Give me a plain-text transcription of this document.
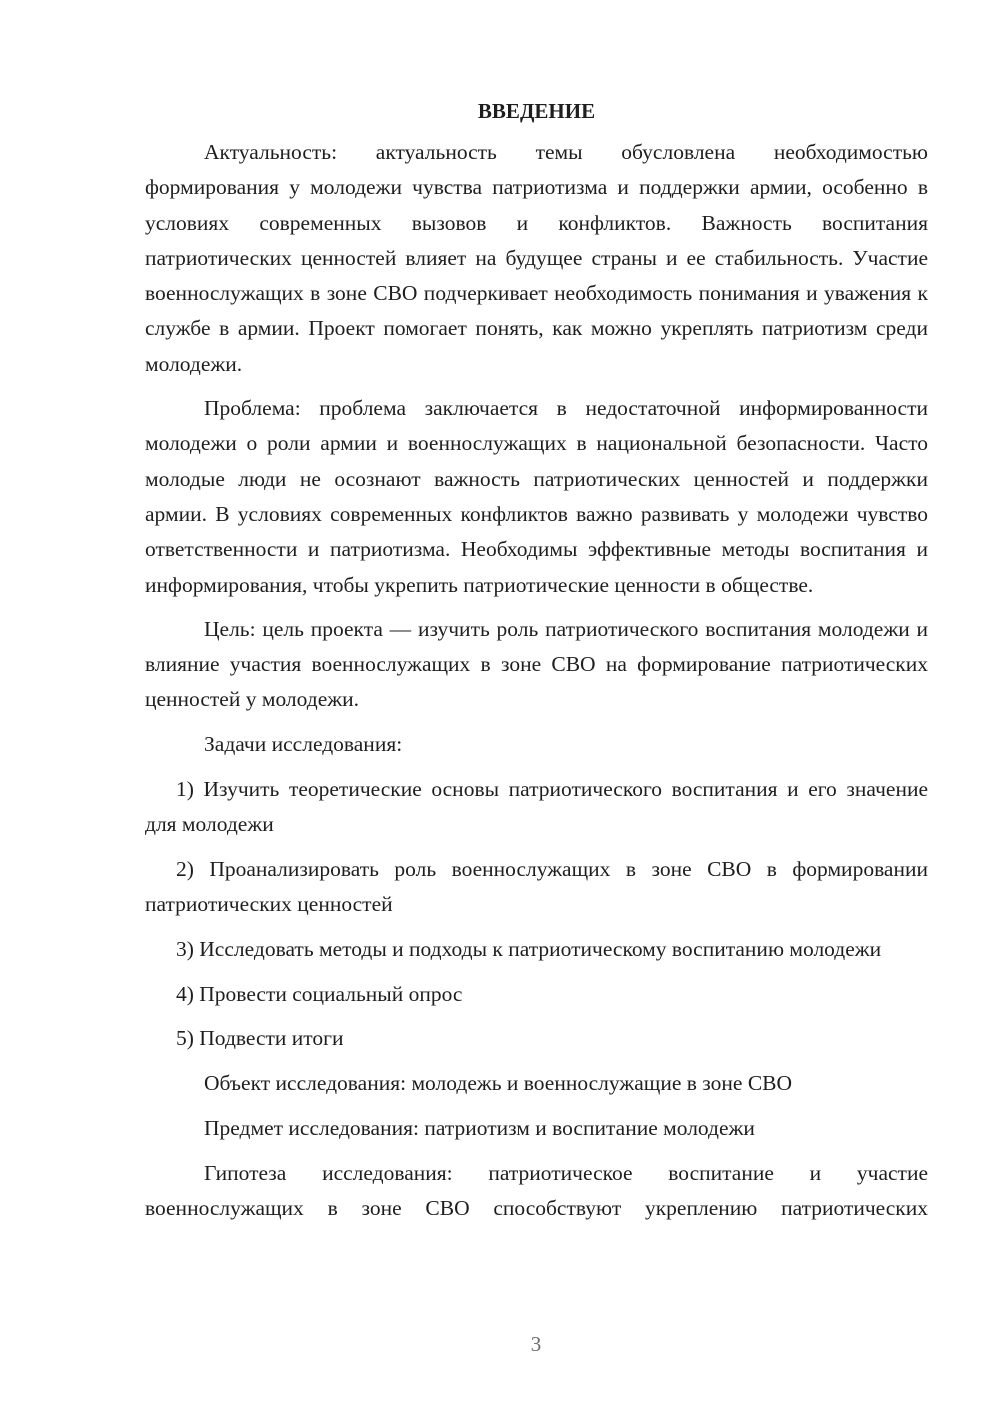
ВВЕДЕНИЕ

Актуальность: актуальность темы обусловлена необходимостью формирования у молодежи чувства патриотизма и поддержки армии, особенно в условиях современных вызовов и конфликтов. Важность воспитания патриотических ценностей влияет на будущее страны и ее стабильность. Участие военнослужащих в зоне СВО подчеркивает необходимость понимания и уважения к службе в армии. Проект помогает понять, как можно укреплять патриотизм среди молодежи.

Проблема: проблема заключается в недостаточной информированности молодежи о роли армии и военнослужащих в национальной безопасности. Часто молодые люди не осознают важность патриотических ценностей и поддержки армии. В условиях современных конфликтов важно развивать у молодежи чувство ответственности и патриотизма. Необходимы эффективные методы воспитания и информирования, чтобы укрепить патриотические ценности в обществе.

Цель: цель проекта — изучить роль патриотического воспитания молодежи и влияние участия военнослужащих в зоне СВО на формирование патриотических ценностей у молодежи.

Задачи исследования:

1) Изучить теоретические основы патриотического воспитания и его значение для молодежи

2) Проанализировать роль военнослужащих в зоне СВО в формировании патриотических ценностей

3) Исследовать методы и подходы к патриотическому воспитанию молодежи

4) Провести социальный опрос

5) Подвести итоги

Объект исследования: молодежь и военнослужащие в зоне СВО

Предмет исследования: патриотизм и воспитание молодежи

Гипотеза исследования: патриотическое воспитание и участие военнослужащих в зоне СВО способствуют укреплению патриотических

3
